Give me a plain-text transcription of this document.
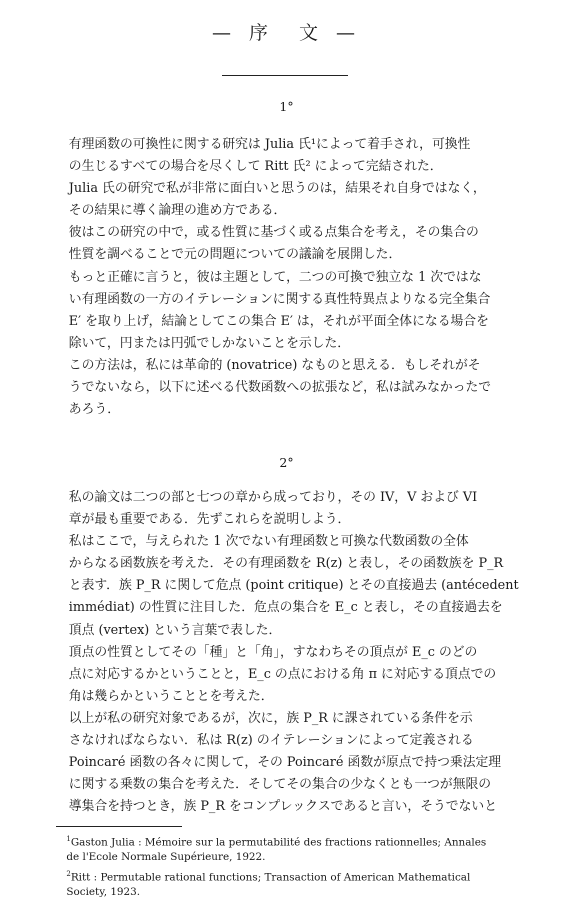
— 序　文 —
1°
有理函数の可換性に関する研究は Julia 氏¹によって着手され，可換性
の生じるすべての場合を尽くして Ritt 氏² によって完結された．
Julia 氏の研究で私が非常に面白いと思うのは，結果それ自身ではなく，
その結果に導く論理の進め方である．
彼はこの研究の中で，或る性質に基づく或る点集合を考え，その集合の
性質を調べることで元の問題についての議論を展開した．
もっと正確に言うと，彼は主題として，二つの可換で独立な 1 次ではな
い有理函数の一方のイテレーションに関する真性特異点よりなる完全集合
E′ を取り上げ，結論としてこの集合 E′ は，それが平面全体になる場合を
除いて，円または円弧でしかないことを示した．
この方法は，私には革命的 (novatrice) なものと思える．もしそれがそ
うでないなら，以下に述べる代数函数への拡張など，私は試みなかったで
あろう．
2°
私の論文は二つの部と七つの章から成っており，その IV，V および VI
章が最も重要である．先ずこれらを説明しよう．
私はここで，与えられた 1 次でない有理函数と可換な代数函数の全体
からなる函数族を考えた．その有理函数を R(z) と表し，その函数族を P_R
と表す．族 P_R に関して危点 (point critique) とその直接過去 (antécedent
immédiat) の性質に注目した．危点の集合を E_c と表し，その直接過去を
頂点 (vertex) という言葉で表した．
頂点の性質としてその「種」と「角」，すなわちその頂点が E_c のどの
点に対応するかということと，E_c の点における角 π に対応する頂点での
角は幾らかということとを考えた．
以上が私の研究対象であるが，次に，族 P_R に課されている条件を示
さなければならない．私は R(z) のイテレーションによって定義される
Poincaré 函数の各々に関して，その Poincaré 函数が原点で持つ乗法定理
に関する乗数の集合を考えた．そしてその集合の少なくとも一つが無限の
導集合を持つとき，族 P_R をコンプレックスであると言い，そうでないと
$^1$Gaston Julia : Mémoire sur la permutabilité des fractions rationnelles; Annales
de l'Ecole Normale Supérieure, 1922.
$^2$Ritt : Permutable rational functions; Transaction of American Mathematical
Society, 1923.
